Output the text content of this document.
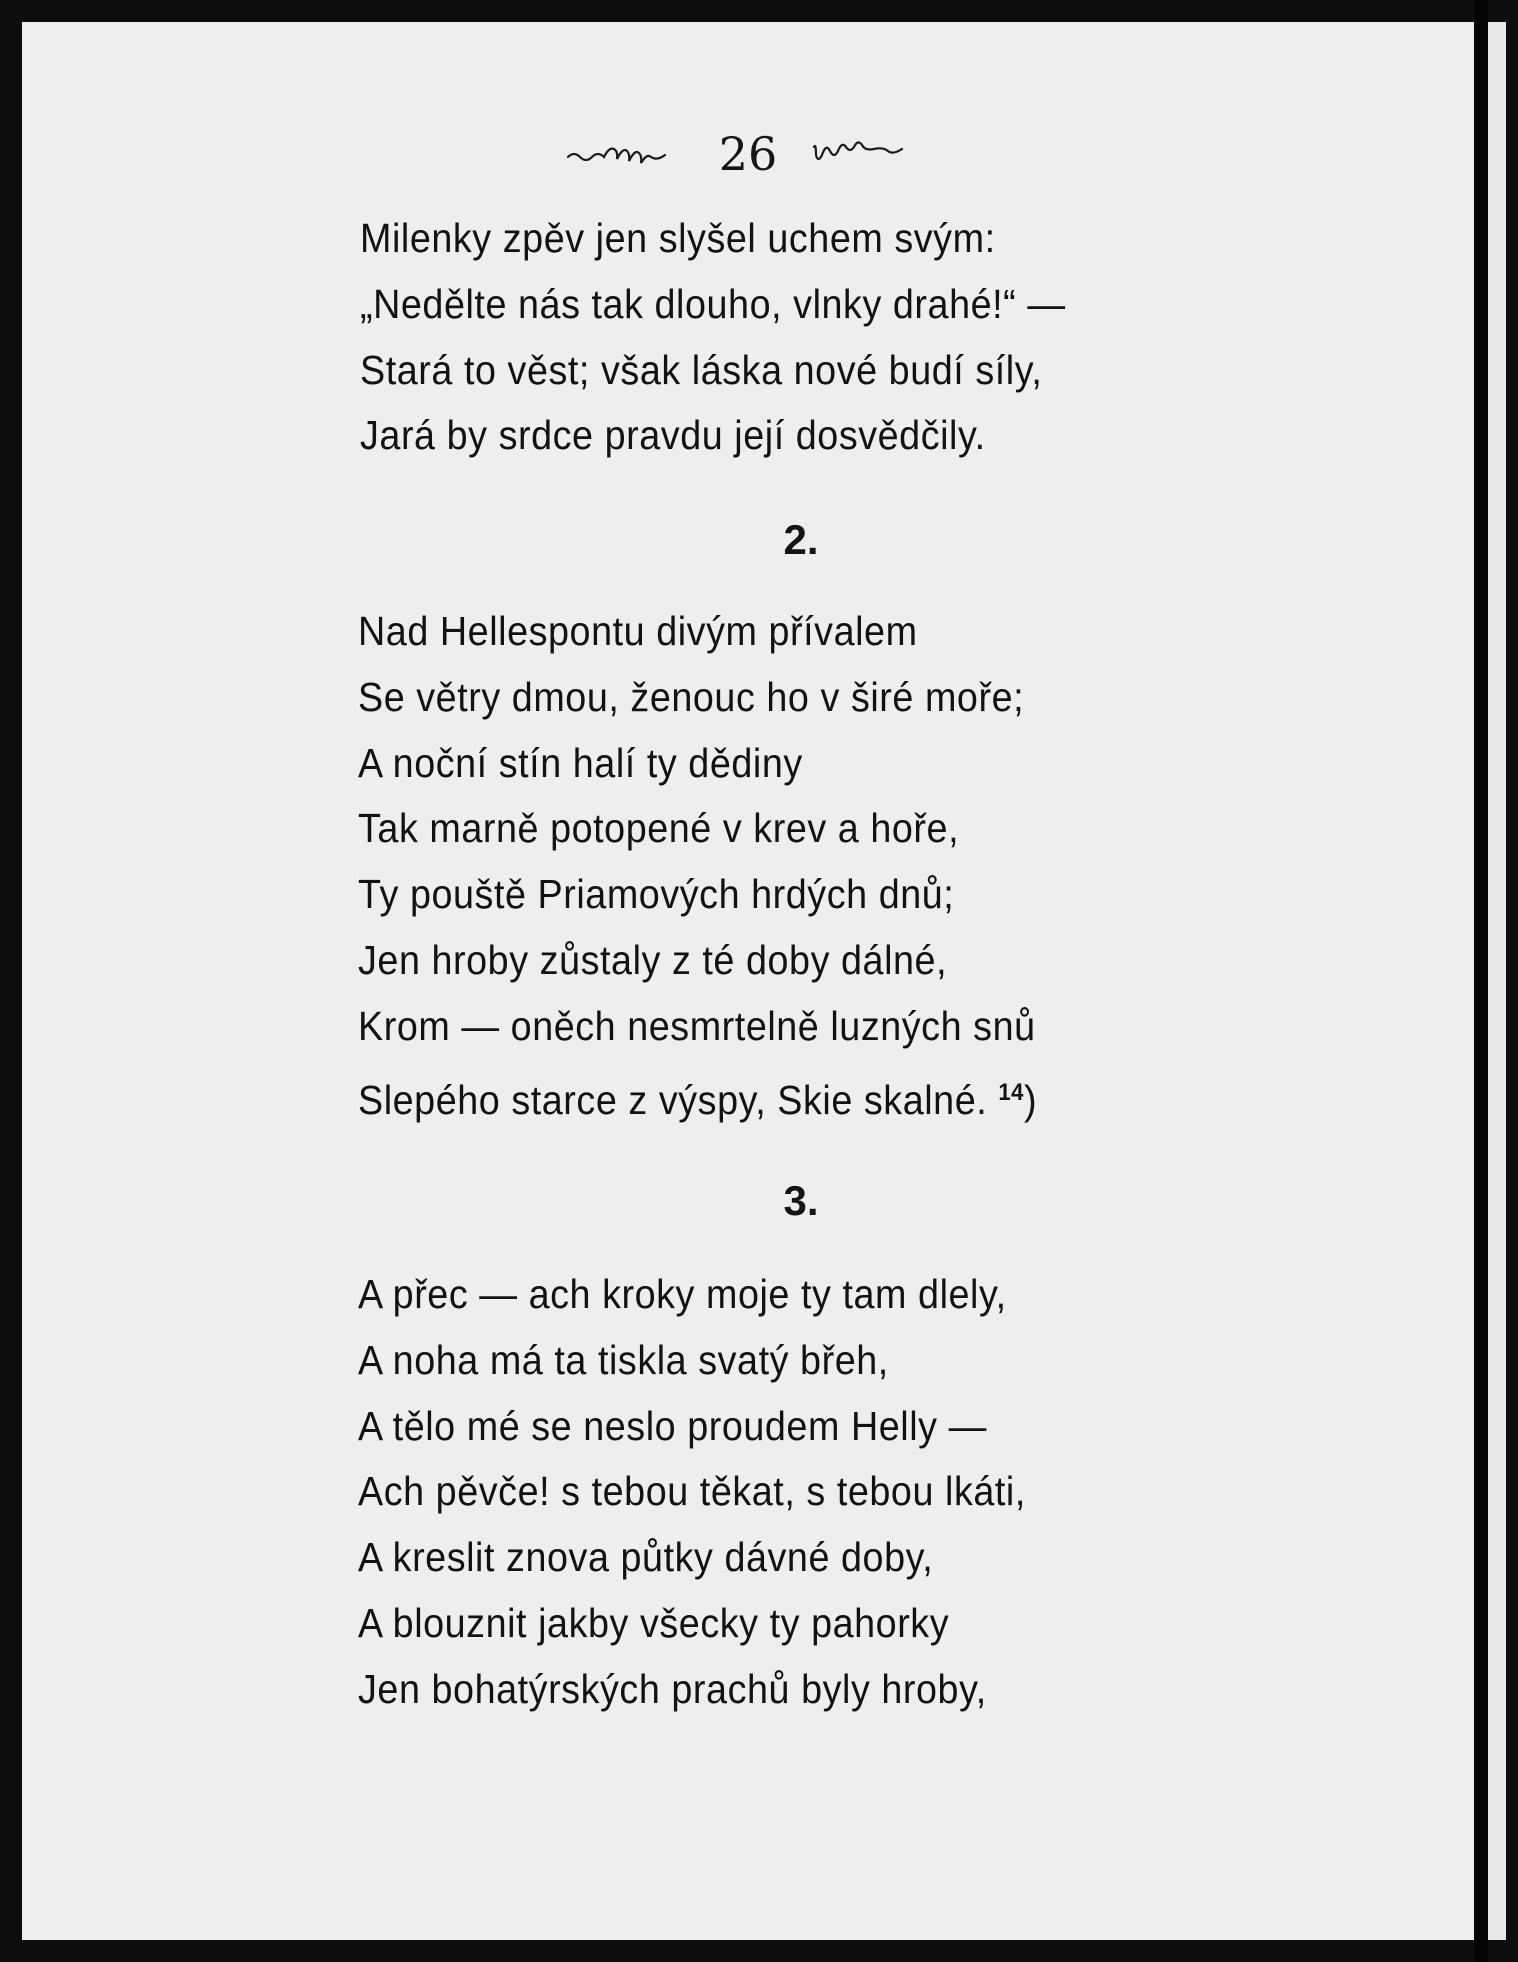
26
Milenky zpěv jen slyšel uchem svým:
„Nedělte nás tak dlouho, vlnky drahé!“ —
Stará to věst; však láska nové budí síly,
Jará by srdce pravdu její dosvědčily.
2.
Nad Hellespontu divým přívalem
Se větry dmou, ženouc ho v širé moře;
A noční stín halí ty dědiny
Tak marně potopené v krev a hoře,
Ty pouště Priamových hrdých dnů;
Jen hroby zůstaly z té doby dálné,
Krom — oněch nesmrtelně luzných snů
Slepého starce z výspy, Skie skalné. $^{14}$)
3.
A přec — ach kroky moje ty tam dlely,
A noha má ta tiskla svatý břeh,
A tělo mé se neslo proudem Helly —
Ach pěvče! s tebou těkat, s tebou lkáti,
A kreslit znova půtky dávné doby,
A blouznit jakby všecky ty pahorky
Jen bohatýrských prachů byly hroby,
